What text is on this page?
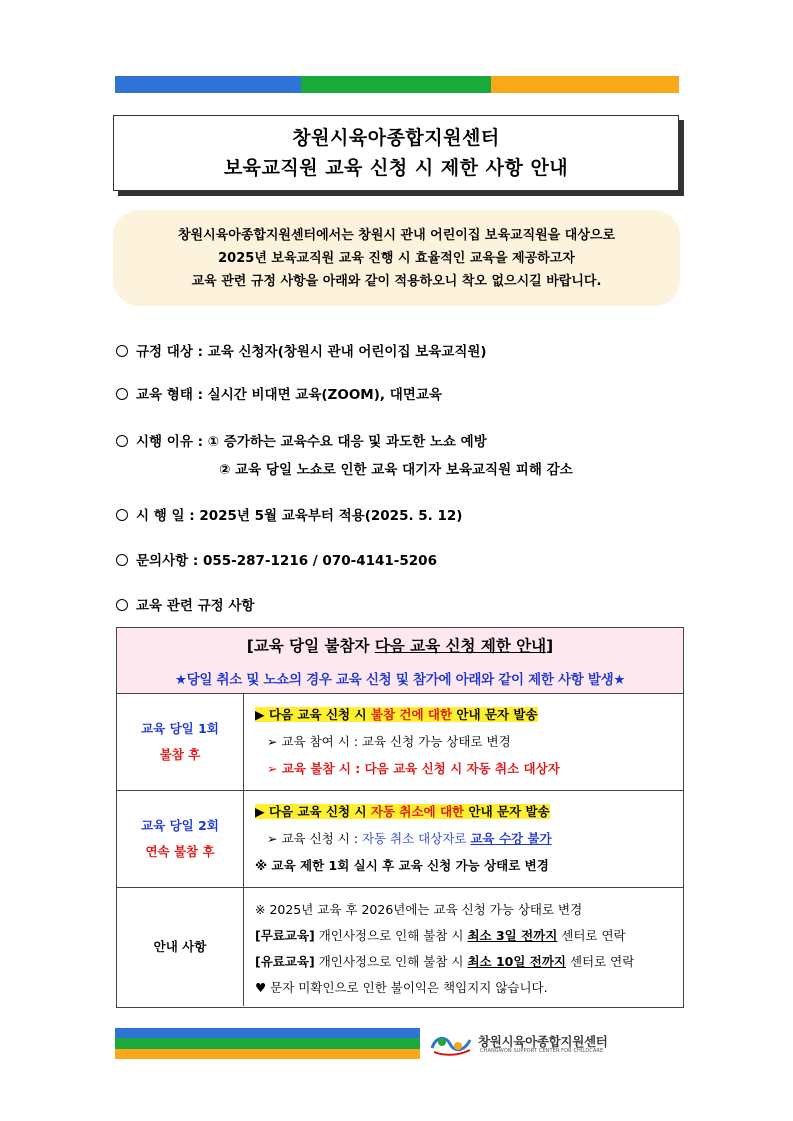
창원시육아종합지원센터
보육교직원 교육 신청 시 제한 사항 안내
창원시육아종합지원센터에서는 창원시 관내 어린이집 보육교직원을 대상으로
2025년 보육교직원 교육 진행 시 효율적인 교육을 제공하고자
교육 관련 규정 사항을 아래와 같이 적용하오니 착오 없으시길 바랍니다.
규정 대상 : 교육 신청자(창원시 관내 어린이집 보육교직원)
교육 형태 : 실시간 비대면 교육(ZOOM), 대면교육
시행 이유 : ① 증가하는 교육수요 대응 및 과도한 노쇼 예방
② 교육 당일 노쇼로 인한 교육 대기자 보육교직원 피해 감소
시 행 일 : 2025년 5월 교육부터 적용(2025. 5. 12)
문의사항 : 055-287-1216 / 070-4141-5206
교육 관련 규정 사항
[교육 당일 불참자 다음 교육 신청 제한 안내]
★당일 취소 및 노쇼의 경우 교육 신청 및 참가에 아래와 같이 제한 사항 발생★
교육 당일 1회
불참 후
▶ 다음 교육 신청 시 불참 건에 대한 안내 문자 발송
➢ 교육 참여 시 : 교육 신청 가능 상태로 변경
➢ 교육 불참 시 : 다음 교육 신청 시 자동 취소 대상자
교육 당일 2회
연속 불참 후
▶ 다음 교육 신청 시 자동 취소에 대한 안내 문자 발송
➢ 교육 신청 시 : 자동 취소 대상자로 교육 수강 불가
※ 교육 제한 1회 실시 후 교육 신청 가능 상태로 변경
안내 사항
※ 2025년 교육 후 2026년에는 교육 신청 가능 상태로 변경
[무료교육] 개인사정으로 인해 불참 시 최소 3일 전까지 센터로 연락
[유료교육] 개인사정으로 인해 불참 시 최소 10일 전까지 센터로 연락
♥ 문자 미확인으로 인한 불이익은 책임지지 않습니다.
창원시육아종합지원센터
CHANGWON SUPPORT CENTER FOR CHILDCARE
